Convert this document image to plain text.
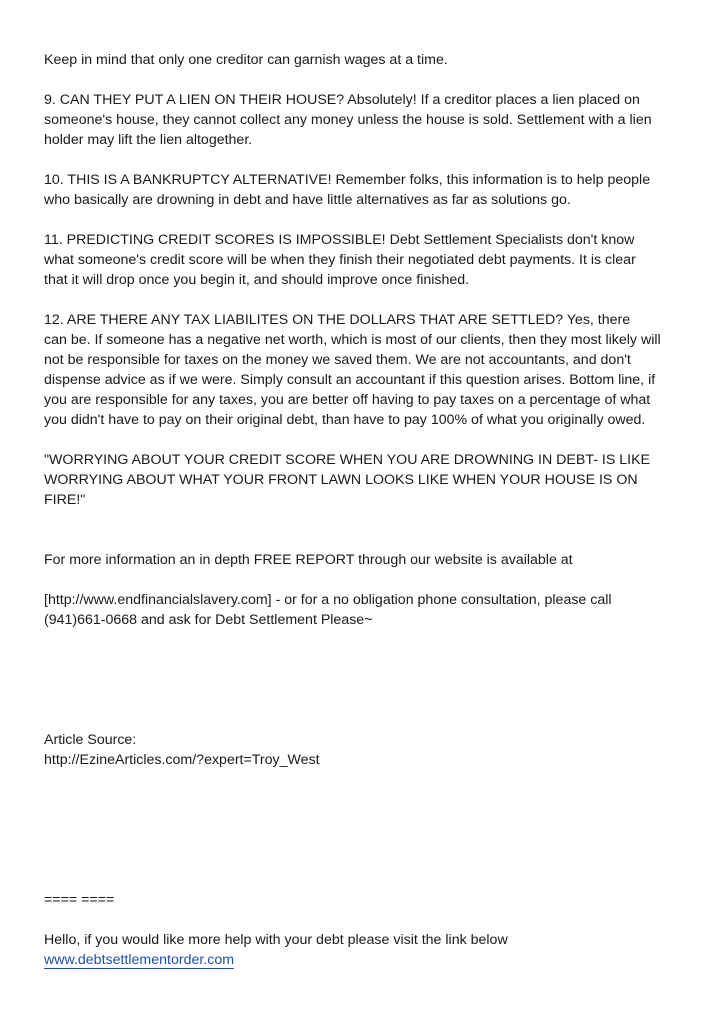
Keep in mind that only one creditor can garnish wages at a time.

9. CAN THEY PUT A LIEN ON THEIR HOUSE? Absolutely! If a creditor places a lien placed on
someone's house, they cannot collect any money unless the house is sold. Settlement with a lien
holder may lift the lien altogether.

10. THIS IS A BANKRUPTCY ALTERNATIVE! Remember folks, this information is to help people
who basically are drowning in debt and have little alternatives as far as solutions go.

11. PREDICTING CREDIT SCORES IS IMPOSSIBLE! Debt Settlement Specialists don't know
what someone's credit score will be when they finish their negotiated debt payments. It is clear
that it will drop once you begin it, and should improve once finished.

12. ARE THERE ANY TAX LIABILITES ON THE DOLLARS THAT ARE SETTLED? Yes, there
can be. If someone has a negative net worth, which is most of our clients, then they most likely will
not be responsible for taxes on the money we saved them. We are not accountants, and don't
dispense advice as if we were. Simply consult an accountant if this question arises. Bottom line, if
you are responsible for any taxes, you are better off having to pay taxes on a percentage of what
you didn't have to pay on their original debt, than have to pay 100% of what you originally owed.

"WORRYING ABOUT YOUR CREDIT SCORE WHEN YOU ARE DROWNING IN DEBT- IS LIKE
WORRYING ABOUT WHAT YOUR FRONT LAWN LOOKS LIKE WHEN YOUR HOUSE IS ON
FIRE!"

For more information an in depth FREE REPORT through our website is available at

[http://www.endfinancialslavery.com] - or for a no obligation phone consultation, please call
(941)661-0668 and ask for Debt Settlement Please~

Article Source:

http://EzineArticles.com/?expert=Troy_West

==== ====

Hello, if you would like more help with your debt please visit the link below

www.debtsettlementorder.com
